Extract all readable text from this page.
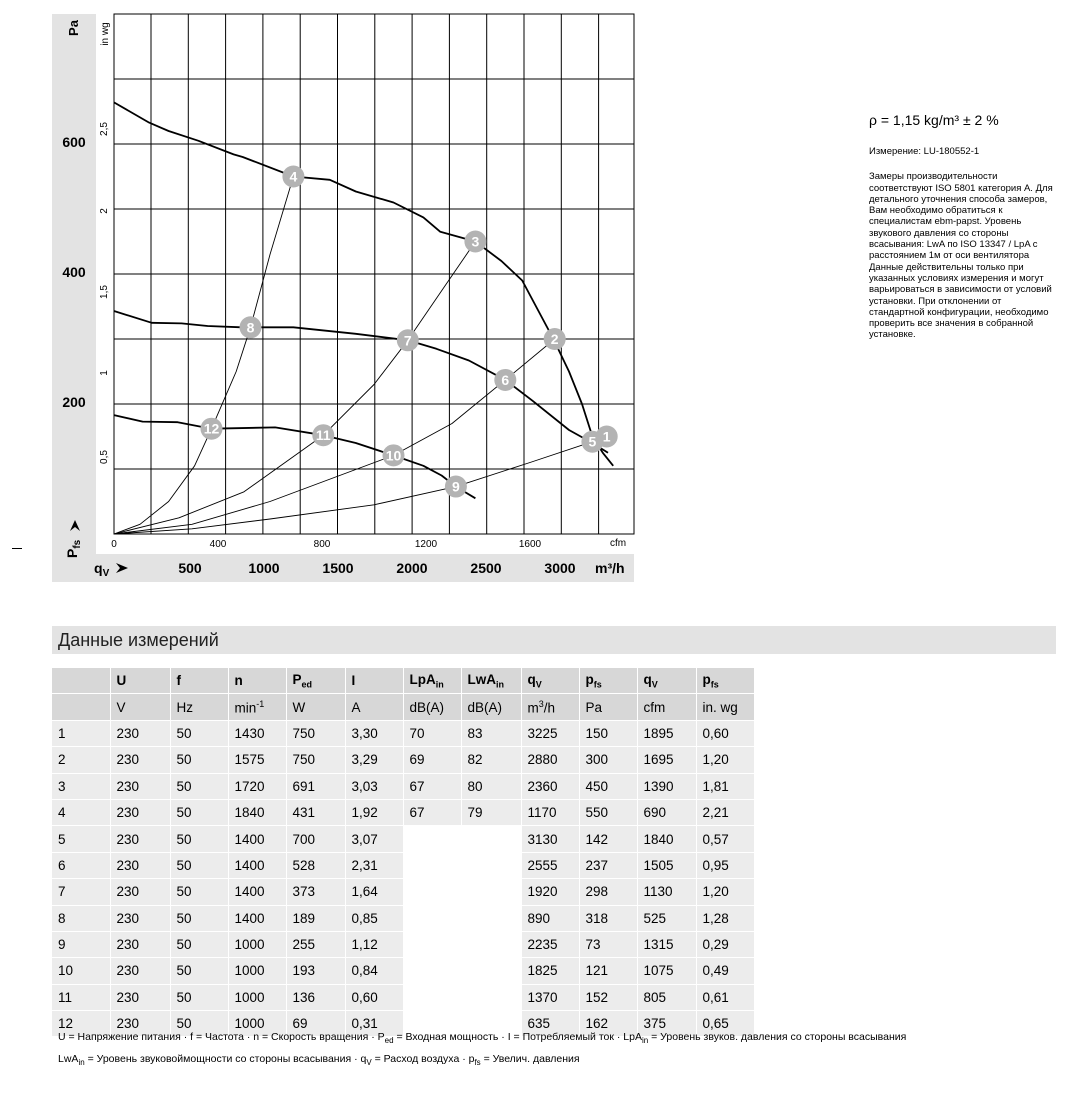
0,5
1
1,5
2
2,5
200
400
600
0	400	800	1200	1600
500	1000	1500	2000	2500	3000
1
2
3
4
5
6
7
8
9
10
11
12
Pa in wg
cfm
$P_{fs}$
$q_V$	m³/h
ρ = 1,15 kg/m³ ± 2 %
Измерение: LU-180552-1
Замеры производительности
соответствуют ISO 5801 категория А. Для
детального уточнения способа замеров,
Вам необходимо обратиться к
специалистам ebm-papst. Уровень
звукового давления со стороны
всасывания: LwA по ISO 13347 / LpA с
расстоянием 1м от оси вентилятора
Данные действительны только при
указанных условиях измерения и могут
варьироваться в зависимости от условий
установки. При отклонении от
стандартной конфигурации, необходимо
проверить все значения в собранной
установке.
Данные измерений
	U	f	n	$P_{ed}$	I	LpA$_{in}$	LwA$_{in}$	$q_V$	$p_{fs}$	$q_V$	$p_{fs}$
	V	Hz	$\min^{-1}$	W	A	dB(A)	dB(A)	$m^3/h$	Pa	cfm	in. wg
1	230	50	1430	750	3,30	70	83	3225	150	1895	0,60
2	230	50	1575	750	3,29	69	82	2880	300	1695	1,20
3	230	50	1720	691	3,03	67	80	2360	450	1390	1,81
4	230	50	1840	431	1,92	67	79	1170	550	690	2,21
5	230	50	1400	700	3,07			3130	142	1840	0,57
6	230	50	1400	528	2,31			2555	237	1505	0,95
7	230	50	1400	373	1,64			1920	298	1130	1,20
8	230	50	1400	189	0,85			890	318	525	1,28
9	230	50	1000	255	1,12			2235	73	1315	0,29
10	230	50	1000	193	0,84			1825	121	1075	0,49
11	230	50	1000	136	0,60			1370	152	805	0,61
12	230	50	1000	69	0,31			635	162	375	0,65
U = Напряжение питания · f = Частота · n = Скорость вращения · $P_{ed}$ = Входная мощность · I = Потребляемый ток · LpA$_{in}$ = Уровень звуков. давления со стороны всасывания
LwA$_{in}$ = Уровень звуковоймощности со стороны всасывания · $q_V$ = Расход воздуха · $p_{fs}$ = Увелич. давления
